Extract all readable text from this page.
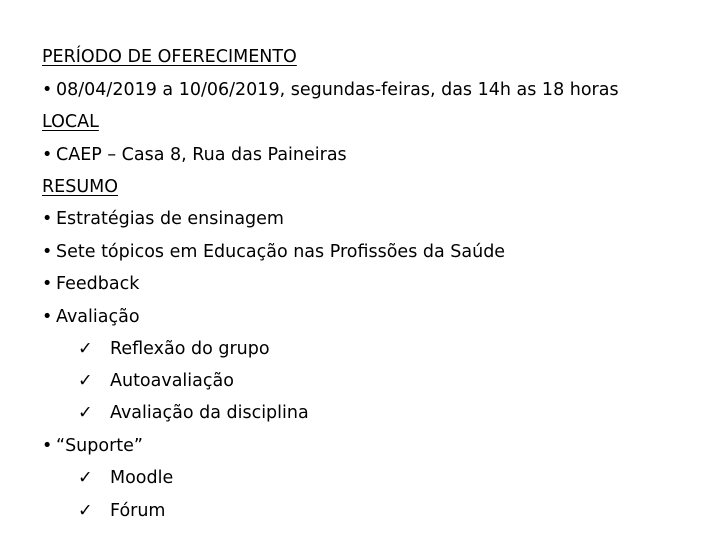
PERÍODO DE OFERECIMENTO
• 08/04/2019 a 10/06/2019, segundas-feiras, das 14h as 18 horas
LOCAL
• CAEP – Casa 8, Rua das Paineiras
RESUMO
• Estratégias de ensinagem
• Sete tópicos em Educação nas Profissões da Saúde
• Feedback
• Avaliação
✓ Reflexão do grupo
✓ Autoavaliação
✓ Avaliação da disciplina
• “Suporte”
✓ Moodle
✓ Fórum
